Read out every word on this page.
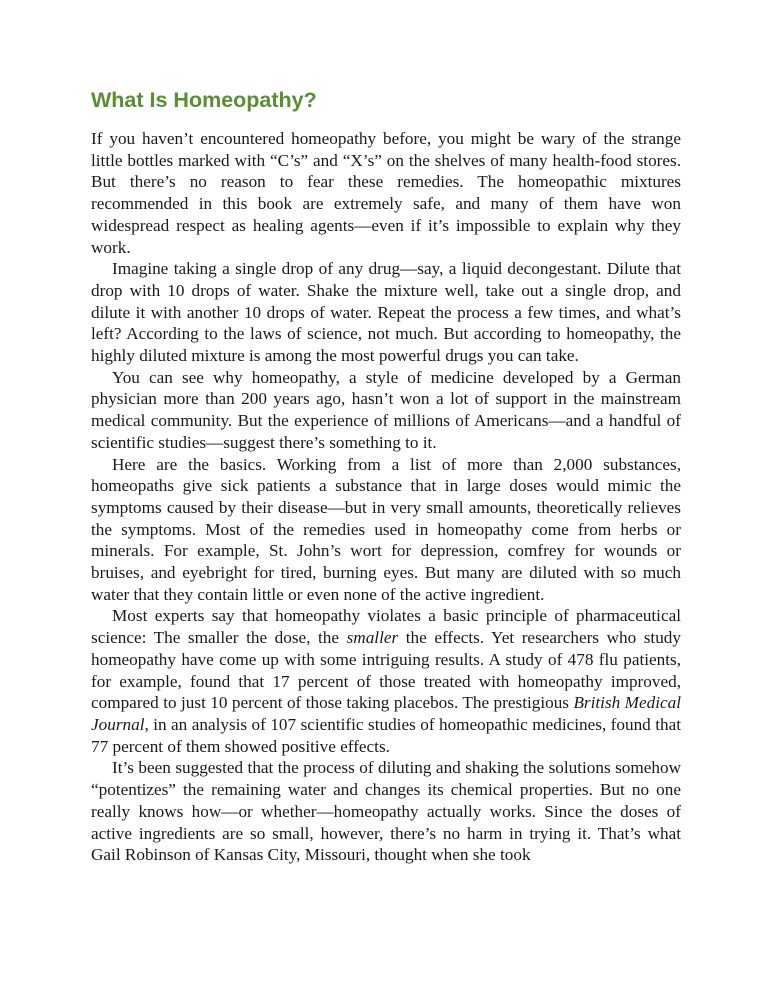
What Is Homeopathy?

If you haven’t encountered homeopathy before, you might be wary of the strange little bottles marked with “C’s” and “X’s” on the shelves of many health-food stores. But there’s no reason to fear these remedies. The homeopathic mixtures recommended in this book are extremely safe, and many of them have won widespread respect as healing agents—even if it’s impossible to explain why they work.

Imagine taking a single drop of any drug—say, a liquid decongestant. Dilute that drop with 10 drops of water. Shake the mixture well, take out a single drop, and dilute it with another 10 drops of water. Repeat the process a few times, and what’s left? According to the laws of science, not much. But according to homeopathy, the highly diluted mixture is among the most powerful drugs you can take.

You can see why homeopathy, a style of medicine developed by a German physician more than 200 years ago, hasn’t won a lot of support in the mainstream medical community. But the experience of millions of Americans—and a handful of scientific studies—suggest there’s something to it.

Here are the basics. Working from a list of more than 2,000 substances, homeopaths give sick patients a substance that in large doses would mimic the symptoms caused by their disease—but in very small amounts, theoretically relieves the symptoms. Most of the remedies used in homeopathy come from herbs or minerals. For example, St. John’s wort for depression, comfrey for wounds or bruises, and eyebright for tired, burning eyes. But many are diluted with so much water that they contain little or even none of the active ingredient.

Most experts say that homeopathy violates a basic principle of pharmaceutical science: The smaller the dose, the smaller the effects. Yet researchers who study homeopathy have come up with some intriguing results. A study of 478 flu patients, for example, found that 17 percent of those treated with homeopathy improved, compared to just 10 percent of those taking placebos. The prestigious British Medical Journal, in an analysis of 107 scientific studies of homeopathic medicines, found that 77 percent of them showed positive effects.

It’s been suggested that the process of diluting and shaking the solutions somehow “potentizes” the remaining water and changes its chemical properties. But no one really knows how—or whether—homeopathy actually works. Since the doses of active ingredients are so small, however, there’s no harm in trying it. That’s what Gail Robinson of Kansas City, Missouri, thought when she took
